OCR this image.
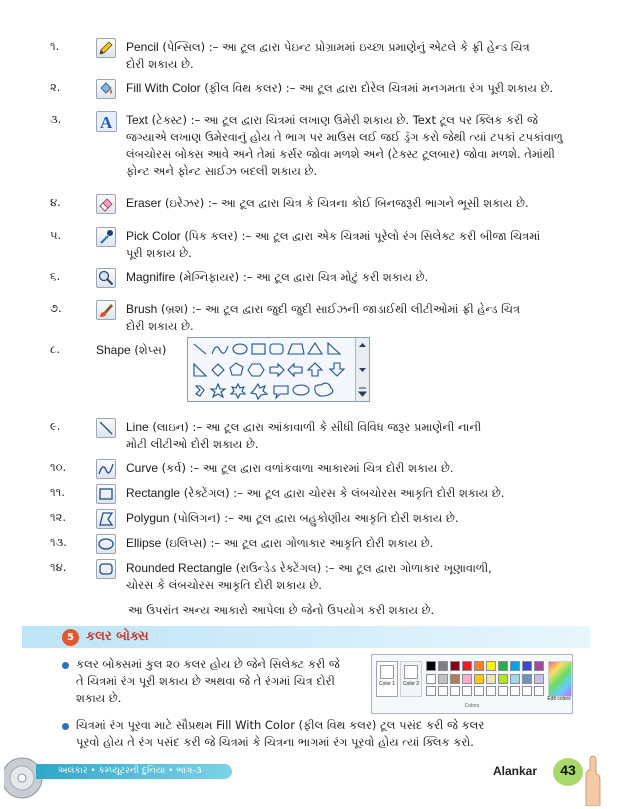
૧.	Pencil (પેન્સિલ) :– આ ટૂલ દ્વારા પેઇન્ટ પ્રોગ્રામમાં ઇચ્છા પ્રમાણેનું એટલે કે ફ્રી હેન્ડ ચિત્ર
દોરી શકાય છે.
૨.	Fill With Color (ફીલ વિથ કલર) :– આ ટૂલ દ્વારા દોરેલ ચિત્રમાં મનગમતા રંગ પૂરી શકાય છે.
૩.	A Text (ટેક્સ્ટ) :– આ ટૂલ દ્વારા ચિત્રમાં લખાણ ઉમેરી શકાય છે. Text ટૂલ પર ક્લિક કરી જે
જગ્યાએ લખાણ ઉમેરવાનું હોય તે ભાગ પર માઉસ લઈ જઈ ડ્રૅગ કરો જેથી ત્યાં ટપકાં ટપકાંવાળુ
લંબચોરસ બોક્સ આવે અને તેમાં કર્સર જોવા મળશે અને (ટેક્સ્ટ ટૂલબાર) જોવા મળશે. તેમાંથી
ફોન્ટ અને ફોન્ટ સાઈઝ બદલી શકાય છે.
૪.	Eraser (ઇરેઝર) :– આ ટૂલ દ્વારા ચિત્ર કે ચિત્રના કોઈ બિનજરૂરી ભાગને ભૂસી શકાય છે.
૫.	Pick Color (પિક કલર) :– આ ટૂલ દ્વારા એક ચિત્રમાં પૂરેલો રંગ સિલેક્ટ કરી બીજા ચિત્રમાં
પૂરી શકાય છે.
૬.	Magnifire (મેગ્નિફાયર) :– આ ટૂલ દ્વારા ચિત્ર મોટું કરી શકાય છે.
૭.	Brush (બ્રશ) :– આ ટૂલ દ્વારા જુદી જુદી સાઈઝની જાડાઈથી લીટીઓમાં ફ્રી હેન્ડ ચિત્ર
દોરી શકાય છે.
૮.	Shape (શેપ્સ)
૯.	Line (લાઇન) :– આ ટૂલ દ્વારા આંકાવાળી કે સીધી વિવિધ જરૂર પ્રમાણેની નાની
મોટી લીટીઓ દોરી શકાય છે.
૧૦.	Curve (કર્વ) :– આ ટૂલ દ્વારા વળાંકવાળા આકારમાં ચિત્ર દોરી શકાય છે.
૧૧.	Rectangle (રેક્ટેંગલ) :– આ ટૂલ દ્વારા ચોરસ કે લંબચોરસ આકૃતિ દોરી શકાય છે.
૧૨.	Polygun (પોલિગન) :– આ ટૂલ દ્વારા બહુકોણીય આકૃતિ દોરી શકાય છે.
૧૩.	Ellipse (ઇલિપ્સ) :– આ ટૂલ દ્વારા ગોળાકાર આકૃતિ દોરી શકાય છે.
૧૪.	Rounded Rectangle (રાઉન્ડેડ રેક્ટેંગલ) :– આ ટૂલ દ્વારા ગોળાકાર ખૂણાવાળી,
ચોરસ કે લંબચોરસ આકૃતિ દોરી શકાય છે.
આ ઉપરાંત અન્ય આકારો આપેલા છે જેનો ઉપયોગ કરી શકાય છે.
5 કલર બોક્સ
કલર બોક્સમાં કુલ ૨૦ કલર હોય છે જેને સિલેક્ટ કરી જે
તે ચિત્રમાં રંગ પૂરી શકાય છે અથવા જે તે રંગમાં ચિત્ર દોરી
શકાય છે.
Color 1	Color 2
Edit colors
Colors
ચિત્રમાં રંગ પૂરવા માટે સૌપ્રથમ Fill With Color (ફીલ વિથ કલર) ટૂલ પસંદ કરી જે કલર
પૂરવો હોય તે રંગ પસંદ કરી જે ચિત્રમાં કે ચિત્રના ભાગમાં રંગ પૂરવો હોય ત્યાં ક્લિક કરો.
અલંકાર • કમ્પ્યૂટરની દુનિયા • ભાગ-૩	Alankar	43
